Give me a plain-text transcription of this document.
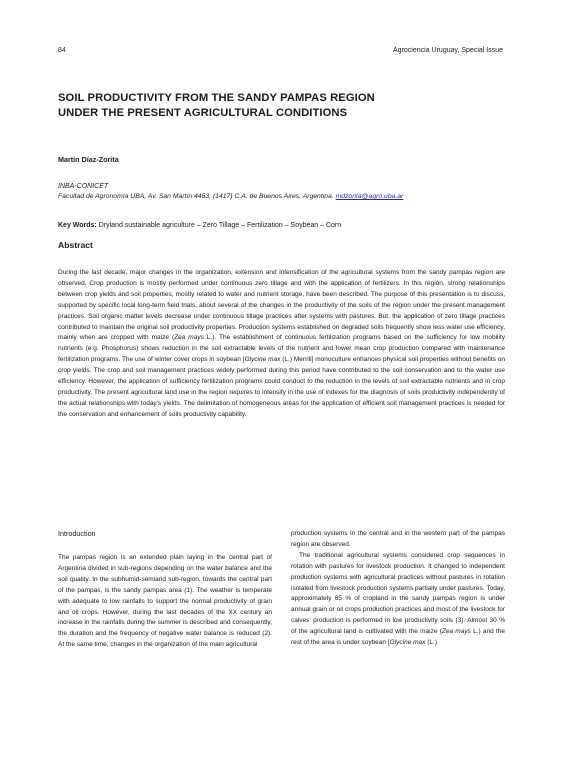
84	Agrociencia Uruguay, Special Issue
SOIL PRODUCTIVITY FROM THE SANDY PAMPAS REGION
UNDER THE PRESENT AGRICULTURAL CONDITIONS
Martín Díaz-Zorita
INBA-CONICET
Facultad de Agronomía UBA, Av. San Martín 4453, (1417) C.A. de Buenos Aires, Argentina. mdzorita@agro.uba.ar
Key Words: Dryland sustainable agriculture – Zero Tillage – Fertilization – Soybean – Corn
Abstract

During the last decade, major changes in the organization, extension and intensification of the agricultural systems from the sandy pampas region are observed. Crop production is mostly performed under continuous zero tillage and with the application of fertilizers. In this region, strong relationships between crop yields and soil properties, mostly related to water and nutrient storage, have been described. The purpose of this presentation is to discuss, supported by specific local long-term field trials, about several of the changes in the productivity of the soils of the region under the present management practices. Soil organic matter levels decrease under continuous tillage practices after systems with pastures. But, the application of zero tillage practices contributed to maintain the original soil productivity properties. Production systems established on degraded soils frequently show less water use efficiency, mainly when are cropped with maize (Zea mays L.). The establishment of continuous fertilization programs based on the sufficiency for low mobility nutrients (e.g. Phosphorus) shows reduction in the soil extractable levels of the nutrient and lower mean crop production compared with maintenance fertilization programs. The use of winter cover crops in soybean [Glycine max (L.) Merrill] monoculture enhances physical soil properties without benefits on crop yields. The crop and soil management practices widely performed during this period have contributed to the soil conservation and to the water use efficiency. However, the application of sufficiency fertilization programs could conduct to the reduction in the levels of soil extractable nutrients and in crop productivity. The present agricultural land use in the region requires to intensify in the use of indexes for the diagnosis of soils productivity independently of the actual relationships with today's yields. The delimitation of homogeneous areas for the application of efficient soil management practices is needed for the conservation and enhancement of soils productivity capability.

Introduction

The pampas region is an extended plain laying in the central part of Argentina divided in sub-regions depending on the water balance and the soil quality. In the subhumid-semiarid sub-region, towards the central part of the pampas, is the sandy pampas area (1). The weather is temperate with adequate to low rainfalls to support the normal productivity of grain and oil crops. However, during the last decades of the XX century an increase in the rainfalls during the summer is described and consequently, the duration and the frequency of negative water balance is reduced (2). At the same time, changes in the organization of the main agricultural

production systems in the central and in the western part of the pampas region are observed.

The traditional agricultural systems considered crop sequences in rotation with pastures for livestock production. It changed to independent production systems with agricultural practices without pastures in rotation isolated from livestock production systems partially under pastures. Today, approximately 65 % of cropland in the sandy pampas region is under annual grain or oil crops production practices and most of the livestock for calves' production is performed in low productivity soils (3). Almost 30 % of the agricultural land is cultivated with the maize (Zea mays L.) and the rest of the area is under soybean [Glycine max (L.)
